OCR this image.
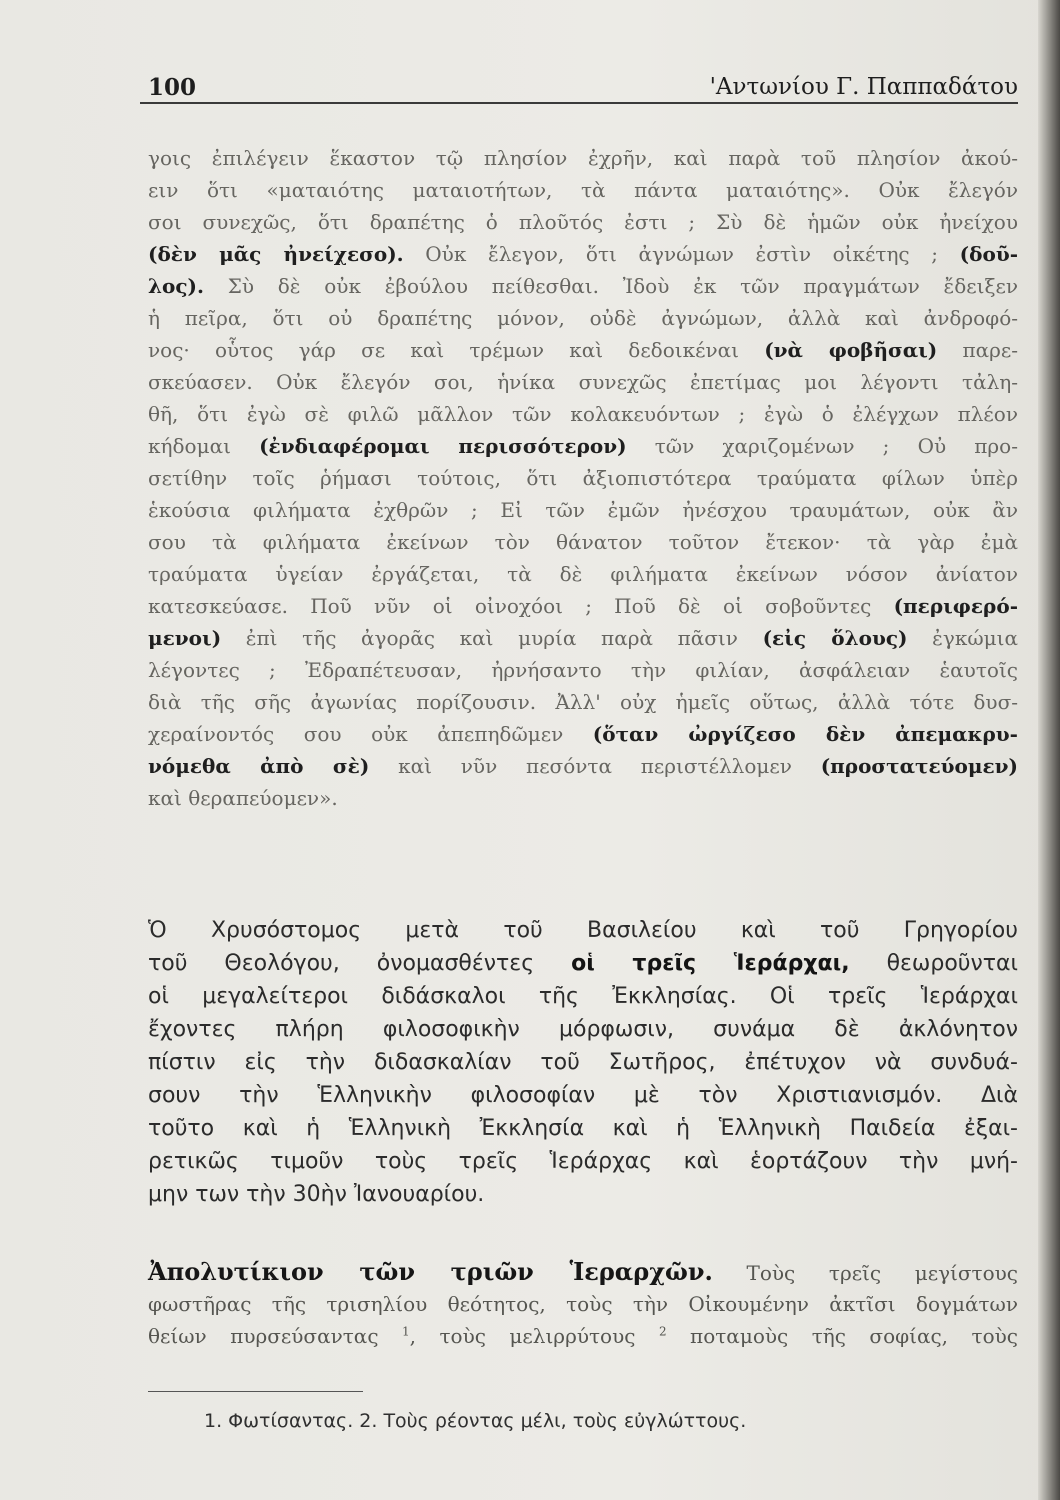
100	'Αντωνίου Γ. Παππαδάτου
γοις ἐπιλέγειν ἕκαστον τῷ πλησίον ἐχρῆν, καὶ παρὰ τοῦ πλησίον ἀκού-
ειν ὅτι «ματαιότης ματαιοτήτων, τὰ πάντα ματαιότης». Οὐκ ἔλεγόν
σοι συνεχῶς, ὅτι δραπέτης ὁ πλοῦτός ἐστι ; Σὺ δὲ ἡμῶν οὐκ ἠνείχου
(δὲν μᾶς ἠνείχεσο). Οὐκ ἔλεγον, ὅτι ἀγνώμων ἐστὶν οἰκέτης ; (δοῦ-
λος). Σὺ δὲ οὐκ ἐβούλου πείθεσθαι. Ἰδοὺ ἐκ τῶν πραγμάτων ἔδειξεν
ἡ πεῖρα, ὅτι οὐ δραπέτης μόνον, οὐδὲ ἀγνώμων, ἀλλὰ καὶ ἀνδροφό-
νος· οὗτος γάρ σε καὶ τρέμων καὶ δεδοικέναι (νὰ φοβῆσαι) παρε-
σκεύασεν. Οὐκ ἔλεγόν σοι, ἡνίκα συνεχῶς ἐπετίμας μοι λέγοντι τἀλη-
θῆ, ὅτι ἐγὼ σὲ φιλῶ μᾶλλον τῶν κολακευόντων ; ἐγὼ ὁ ἐλέγχων πλέον
κήδομαι (ἐνδιαφέρομαι περισσότερον) τῶν χαριζομένων ; Οὐ προ-
σετίθην τοῖς ῥήμασι τούτοις, ὅτι ἀξιοπιστότερα τραύματα φίλων ὑπὲρ
ἑκούσια φιλήματα ἐχθρῶν ; Εἰ τῶν ἐμῶν ἠνέσχου τραυμάτων, οὐκ ἂν
σου τὰ φιλήματα ἐκείνων τὸν θάνατον τοῦτον ἔτεκον· τὰ γὰρ ἐμὰ
τραύματα ὑγείαν ἐργάζεται, τὰ δὲ φιλήματα ἐκείνων νόσον ἀνίατον
κατεσκεύασε. Ποῦ νῦν οἱ οἰνοχόοι ; Ποῦ δὲ οἱ σοβοῦντες (περιφερό-
μενοι) ἐπὶ τῆς ἀγορᾶς καὶ μυρία παρὰ πᾶσιν (εἰς ὅλους) ἐγκώμια
λέγοντες ; Ἐδραπέτευσαν, ἠρνήσαντο τὴν φιλίαν, ἀσφάλειαν ἑαυτοῖς
διὰ τῆς σῆς ἀγωνίας πορίζουσιν. Ἀλλ' οὐχ ἡμεῖς οὕτως, ἀλλὰ τότε δυσ-
χεραίνοντός σου οὐκ ἀπεπηδῶμεν (ὅταν ὠργίζεσο δὲν ἀπεμακρυ-
νόμεθα ἀπὸ σὲ) καὶ νῦν πεσόντα περιστέλλομεν (προστατεύομεν)
καὶ θεραπεύομεν».
Ὁ Χρυσόστομος μετὰ τοῦ Βασιλείου καὶ τοῦ Γρηγορίου
τοῦ Θεολόγου, ὀνομασθέντες οἱ τρεῖς Ἱεράρχαι, θεωροῦνται
οἱ μεγαλείτεροι διδάσκαλοι τῆς Ἐκκλησίας. Οἱ τρεῖς Ἱεράρχαι
ἔχοντες πλήρη φιλοσοφικὴν μόρφωσιν, συνάμα δὲ ἀκλόνητον
πίστιν εἰς τὴν διδασκαλίαν τοῦ Σωτῆρος, ἐπέτυχον νὰ συνδυά-
σουν τὴν Ἑλληνικὴν φιλοσοφίαν μὲ τὸν Χριστιανισμόν. Διὰ
τοῦτο καὶ ἡ Ἑλληνικὴ Ἐκκλησία καὶ ἡ Ἑλληνικὴ Παιδεία ἐξαι-
ρετικῶς τιμοῦν τοὺς τρεῖς Ἱεράρχας καὶ ἑορτάζουν τὴν μνή-
μην των τὴν 30ὴν Ἰανουαρίου.
Ἀπολυτίκιον τῶν τριῶν Ἱεραρχῶν. Τοὺς τρεῖς μεγίστους
φωστῆρας τῆς τρισηλίου θεότητος, τοὺς τὴν Οἰκουμένην ἀκτῖσι δογμάτων
θείων πυρσεύσαντας $^1$, τοὺς μελιρρύτους $^2$ ποταμοὺς τῆς σοφίας, τοὺς
1. Φωτίσαντας. 2. Τοὺς ρέοντας μέλι, τοὺς εὐγλώττους.
